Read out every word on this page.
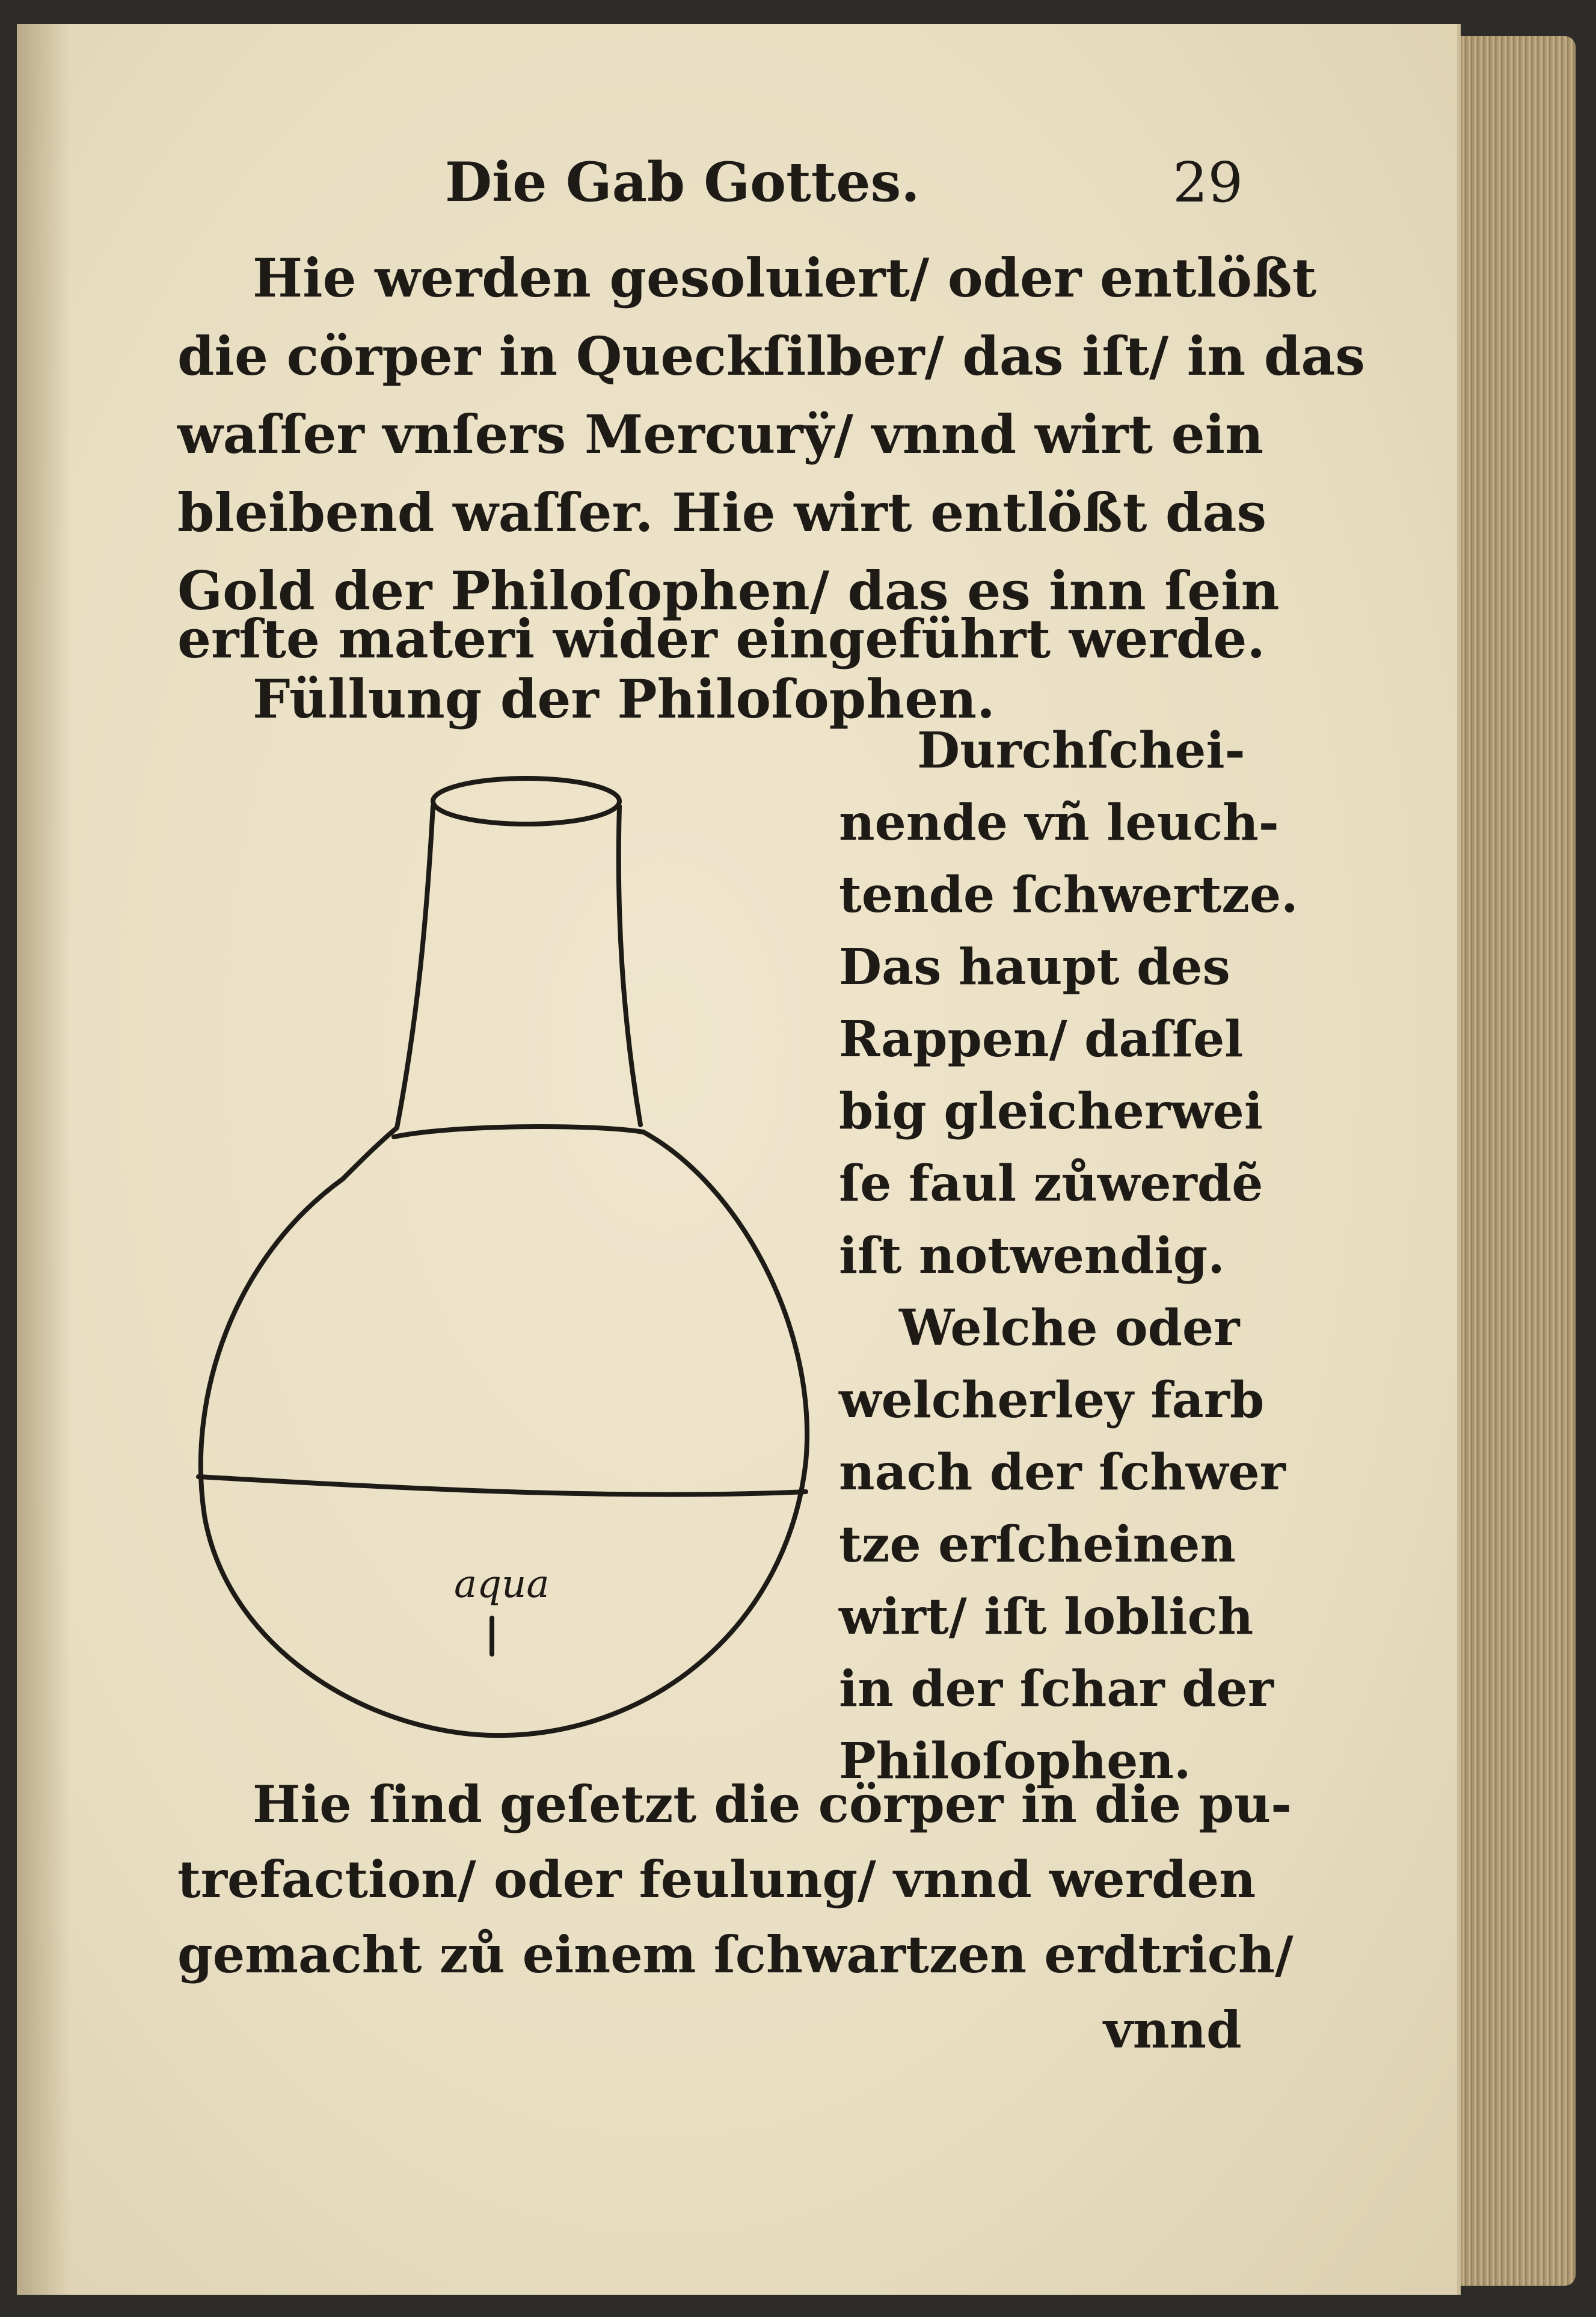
Die Gab Gottes.	29
Hie werden gesoluiert/ oder entlößt
die cörper in Queckſilber/ das iſt/ in das
waſſer vnſers Mercurÿ/ vnnd wirt ein
bleibend waſſer. Hie wirt entlößt das
Gold der Philoſophen/ das es inn ſein
erſte materi wider eingeführt werde.
Füllung der Philoſophen.
aqua
Durchſchei-
nende vñ leuch-
tende ſchwertze.
Das haupt des
Rappen/ daſſel
big gleicherwei
ſe faul zůwerdẽ
iſt notwendig.
Welche oder
welcherley farb
nach der ſchwer
tze erſcheinen
wirt/ iſt loblich
in der ſchar der
Philoſophen.
Hie ſind geſetzt die cörper in die pu-
trefaction/ oder feulung/ vnnd werden
gemacht zů einem ſchwartzen erdtrich/
vnnd
